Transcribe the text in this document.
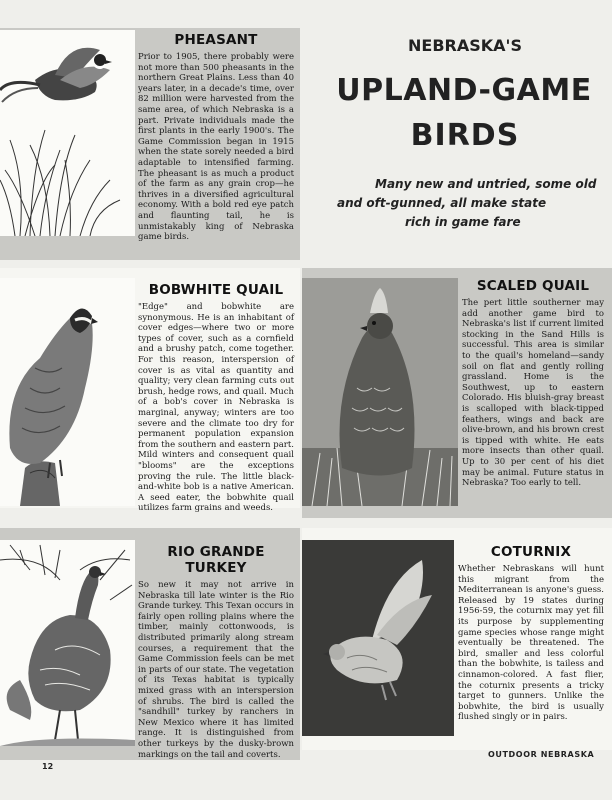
PHEASANT
Prior to 1905, there probably were not more than 500 pheasants in the northern Great Plains. Less than 40 years later, in a decade's time, over 82 million were harvested from the same area, of which Nebraska is a part. Private individuals made the first plants in the early 1900's. The Game Commission began in 1915 when the state sorely needed a bird adaptable to intensified farming. The pheasant is as much a product of the farm as any grain crop—he thrives in a diversified agricultural economy. With a bold red eye patch and flaunting tail, he is unmistakably king of Nebraska game birds.
NEBRASKA'S
UPLAND-GAME
BIRDS
Many new and untried, some old
and oft-gunned, all make state
rich in game fare
BOBWHITE QUAIL
"Edge" and bobwhite are synonymous. He is an inhabitant of cover edges—where two or more types of cover, such as a cornfield and a brushy patch, come together. For this reason, interspersion of cover is as vital as quantity and quality; very clean farming cuts out brush, hedge rows, and quail. Much of a bob's cover in Nebraska is marginal, anyway; winters are too severe and the climate too dry for permanent population expansion from the southern and eastern part. Mild winters and consequent quail "blooms" are the exceptions proving the rule. The little black-and-white bob is a native American. A seed eater, the bobwhite quail utilizes farm grains and weeds.
SCALED QUAIL
The pert little southerner may add another game bird to Nebraska's list if current limited stocking in the Sand Hills is successful. This area is similar to the quail's homeland—sandy soil on flat and gently rolling grassland. Home is the Southwest, up to eastern Colorado. His bluish-gray breast is scalloped with black-tipped feathers, wings and back are olive-brown, and his brown crest is tipped with white. He eats more insects than other quail. Up to 30 per cent of his diet may be animal. Future status in Nebraska? Too early to tell.
RIO GRANDE TURKEY
So new it may not arrive in Nebraska till late winter is the Rio Grande turkey. This Texan occurs in fairly open rolling plains where the timber, mainly cottonwoods, is distributed primarily along stream courses, a requirement that the Game Commission feels can be met in parts of our state. The vegetation of its Texas habitat is typically mixed grass with an interspersion of shrubs. The bird is called the "sandhill" turkey by ranchers in New Mexico where it has limited range. It is distinguished from other turkeys by the dusky-brown markings on the tail and coverts.
COTURNIX
Whether Nebraskans will hunt this migrant from the Mediterranean is anyone's guess. Released by 19 states during 1956-59, the coturnix may yet fill its purpose by supplementing game species whose range might eventually be threatened. The bird, smaller and less colorful than the bobwhite, is tailess and cinnamon-colored. A fast flier, the coturnix presents a tricky target to gunners. Unlike the bobwhite, the bird is usually flushed singly or in pairs.
12
OUTDOOR NEBRASKA
